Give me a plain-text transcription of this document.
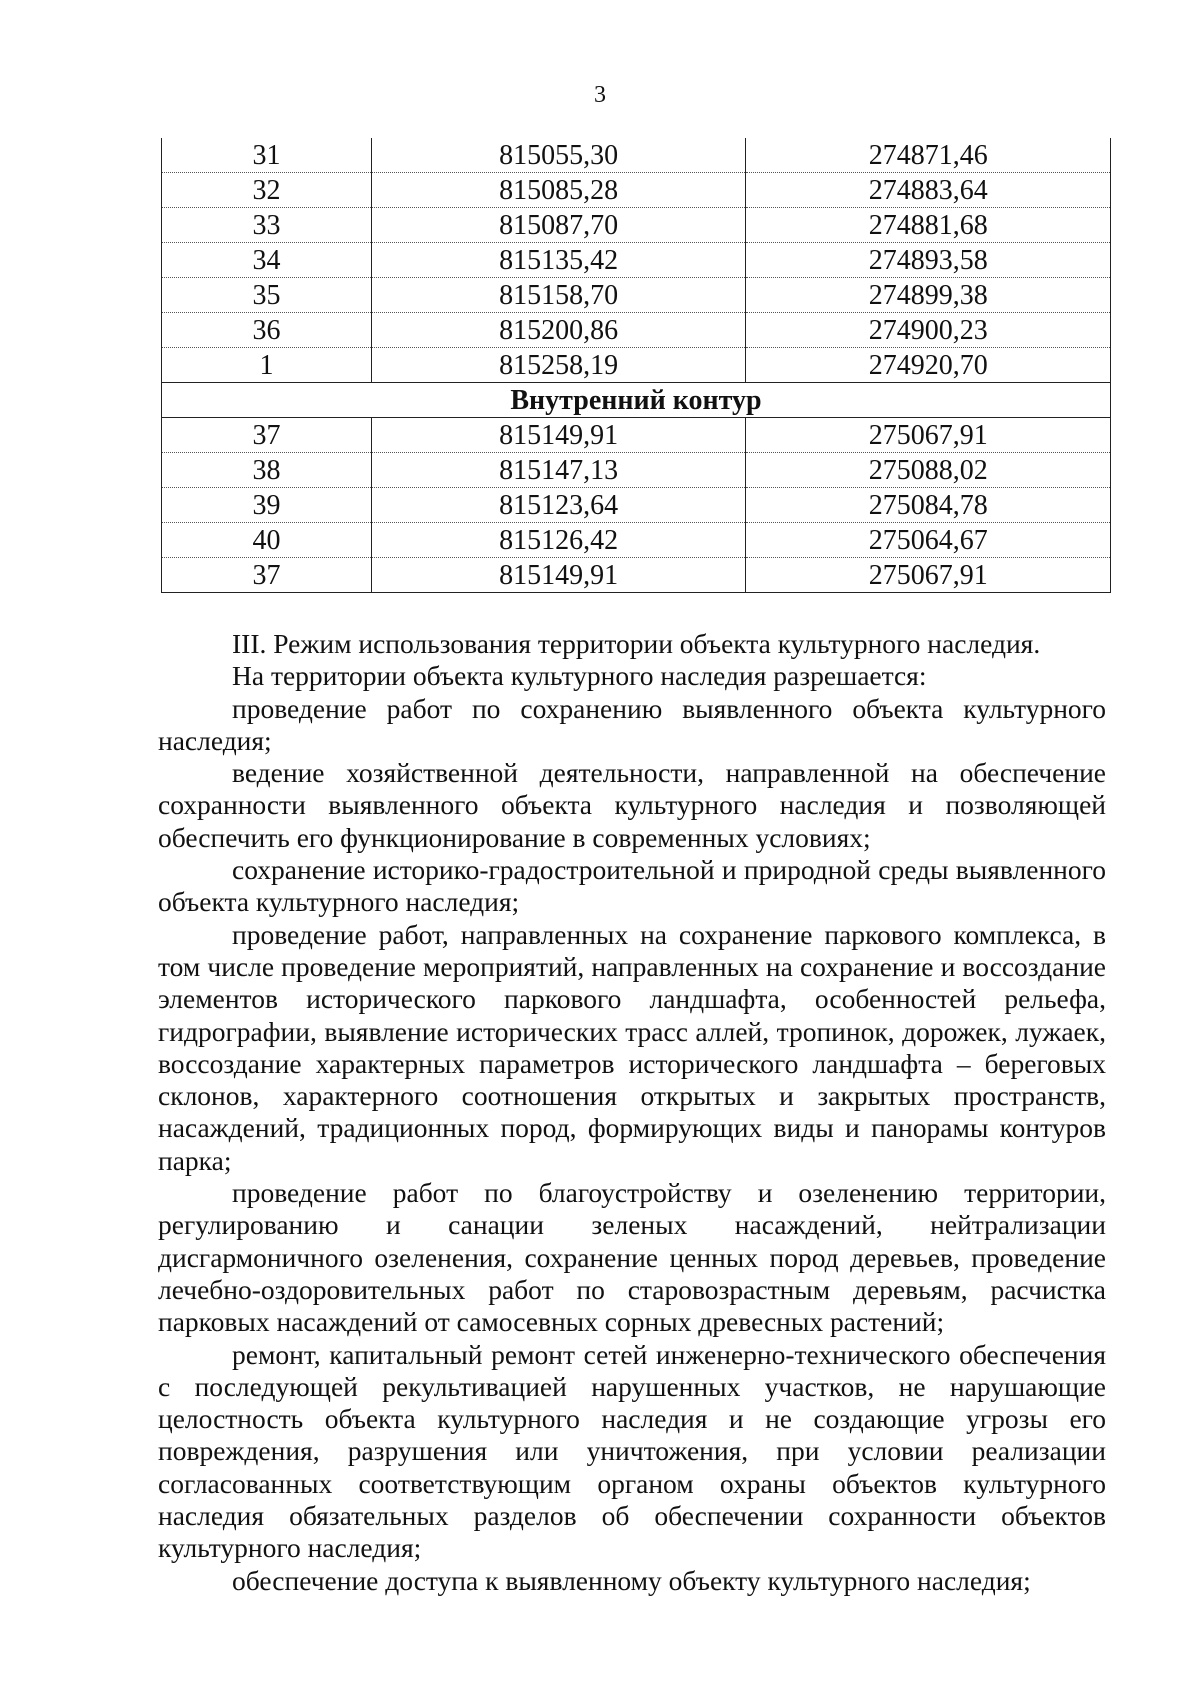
3
31	815055,30	274871,46
32	815085,28	274883,64
33	815087,70	274881,68
34	815135,42	274893,58
35	815158,70	274899,38
36	815200,86	274900,23
1	815258,19	274920,70
Внутренний контур		
37	815149,91	275067,91
38	815147,13	275088,02
39	815123,64	275084,78
40	815126,42	275064,67
37	815149,91	275067,91

III. Режим использования территории объекта культурного наследия.

На территории объекта культурного наследия разрешается:

проведение работ по сохранению выявленного объекта культурного наследия;

ведение хозяйственной деятельности, направленной на обеспечение сохранности выявленного объекта культурного наследия и позволяющей обеспечить его функционирование в современных условиях;

сохранение историко-градостроительной и природной среды выявленного объекта культурного наследия;

проведение работ, направленных на сохранение паркового комплекса, в том числе проведение мероприятий, направленных на сохранение и воссоздание элементов исторического паркового ландшафта, особенностей рельефа, гидрографии, выявление исторических трасс аллей, тропинок, дорожек, лужаек, воссоздание характерных параметров исторического ландшафта – береговых склонов, характерного соотношения открытых и закрытых пространств, насаждений, традиционных пород, формирующих виды и панорамы контуров парка;

проведение работ по благоустройству и озеленению территории, регулированию и санации зеленых насаждений, нейтрализации дисгармоничного озеленения, сохранение ценных пород деревьев, проведение лечебно-оздоровительных работ по старовозрастным деревьям, расчистка парковых насаждений от самосевных сорных древесных растений;

ремонт, капитальный ремонт сетей инженерно-технического обеспечения с последующей рекультивацией нарушенных участков, не нарушающие целостность объекта культурного наследия и не создающие угрозы его повреждения, разрушения или уничтожения, при условии реализации согласованных соответствующим органом охраны объектов культурного наследия обязательных разделов об обеспечении сохранности объектов культурного наследия;

обеспечение доступа к выявленному объекту культурного наследия;
